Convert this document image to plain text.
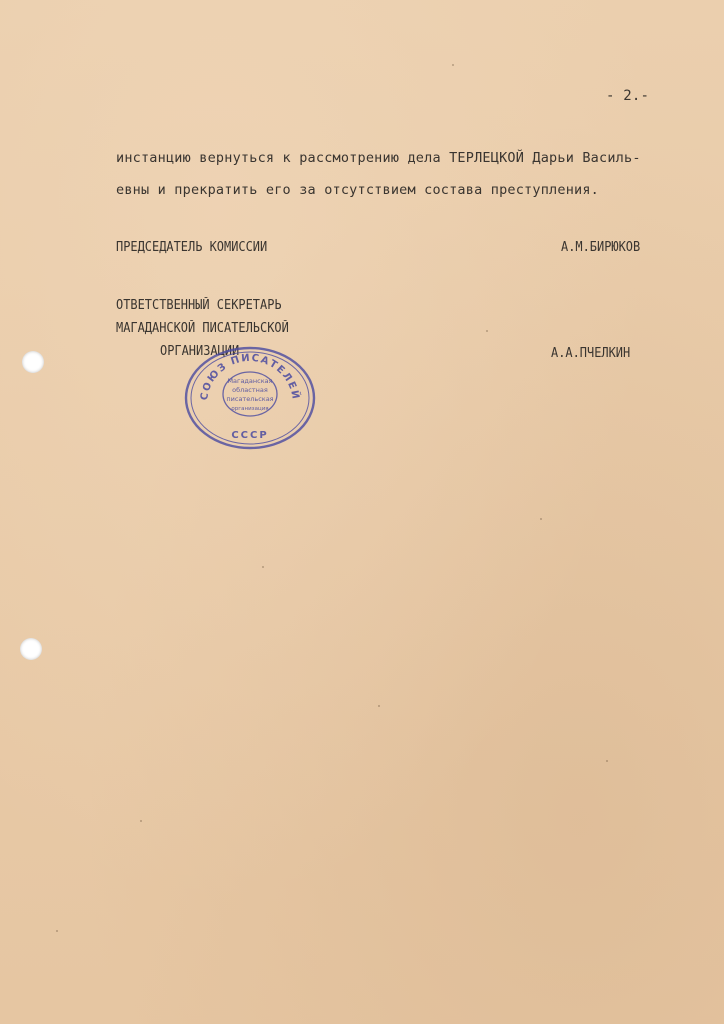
- 2.-
инстанцию вернуться к рассмотрению дела ТЕРЛЕЦКОЙ Дарьи Василь-
евны и прекратить его за отсутствием состава преступления.
ПРЕДСЕДАТЕЛЬ КОМИССИИ	А.М.БИРЮКОВ
ОТВЕТСТВЕННЫЙ СЕКРЕТАРЬ
МАГАДАНСКОЙ ПИСАТЕЛЬСКОЙ
ОРГАНИЗАЦИИ	А.А.ПЧЕЛКИН
СОЮЗ ПИСАТЕЛЕЙ
СССР
Магаданская
областная
писательская
организация
